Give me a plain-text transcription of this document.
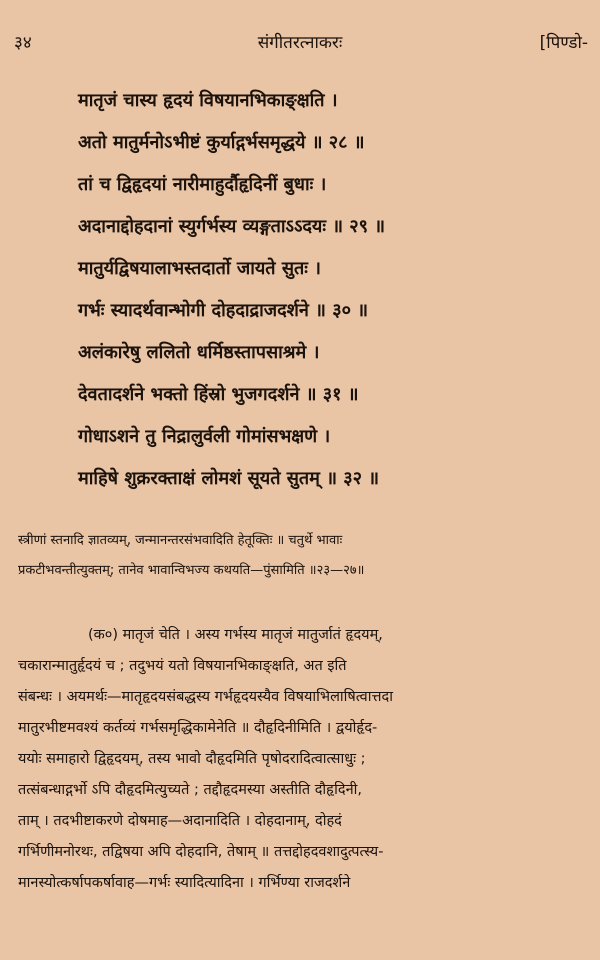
३४	संगीतरत्नाकरः	[पिण्डो-
मातृजं चास्य हृदयं विषयानभिकाङ्क्षति ।
अतो मातुर्मनोऽभीष्टं कुर्याद्गर्भसमृद्धये ॥ २८ ॥
तां च द्विहृदयां नारीमाहुर्दौहृदिनीं बुधाः ।
अदानाद्दोहदानां स्युर्गर्भस्य व्यङ्गताऽऽदयः ॥ २९ ॥
मातुर्यद्विषयालाभस्तदार्तो जायते सुतः ।
गर्भः स्यादर्थवान्भोगी दोहदाद्राजदर्शने ॥ ३० ॥
अलंकारेषु ललितो धर्मिष्ठस्तापसाश्रमे ।
देवतादर्शने भक्तो हिंस्रो भुजगदर्शने ॥ ३१ ॥
गोधाऽशने तु निद्रालुर्वली गोमांसभक्षणे ।
माहिषे शुक्ररक्ताक्षं लोमशं सूयते सुतम् ॥ ३२ ॥
स्त्रीणां स्तनादि ज्ञातव्यम्, जन्मानन्तरसंभवादिति हेतूक्तिः ॥ चतुर्थे भावाः
प्रकटीभवन्तीत्युक्तम्; तानेव भावान्विभज्य कथयति—पुंसामिति ॥२३—२७॥
(क०) मातृजं चेति । अस्य गर्भस्य मातृजं मातुर्जातं हृदयम्,
चकारान्मातुर्हृदयं च ; तदुभयं यतो विषयानभिकाङ्क्षति, अत इति
संबन्धः । अयमर्थः—मातृहृदयसंबद्धस्य गर्भहृदयस्यैव विषयाभिलाषित्वात्तदा
मातुरभीष्टमवश्यं कर्तव्यं गर्भसमृद्धिकामेनेति ॥ दौहृदिनीमिति । द्वयोर्हृद-
ययोः समाहारो द्विहृदयम्, तस्य भावो दौहृदमिति पृषोदरादित्वात्साधुः ;
तत्संबन्धाद्गर्भो ऽपि दौहृदमित्युच्यते ; तद्दौहृदमस्या अस्तीति दौहृदिनी,
ताम् । तदभीष्टाकरणे दोषमाह—अदानादिति । दोहदानाम्, दोहदं
गर्भिणीमनोरथः, तद्विषया अपि दोहदानि, तेषाम् ॥ तत्तद्दोहदवशादुत्पत्स्य-
मानस्योत्कर्षापकर्षावाह—गर्भः स्यादित्यादिना । गर्भिण्या राजदर्शने
